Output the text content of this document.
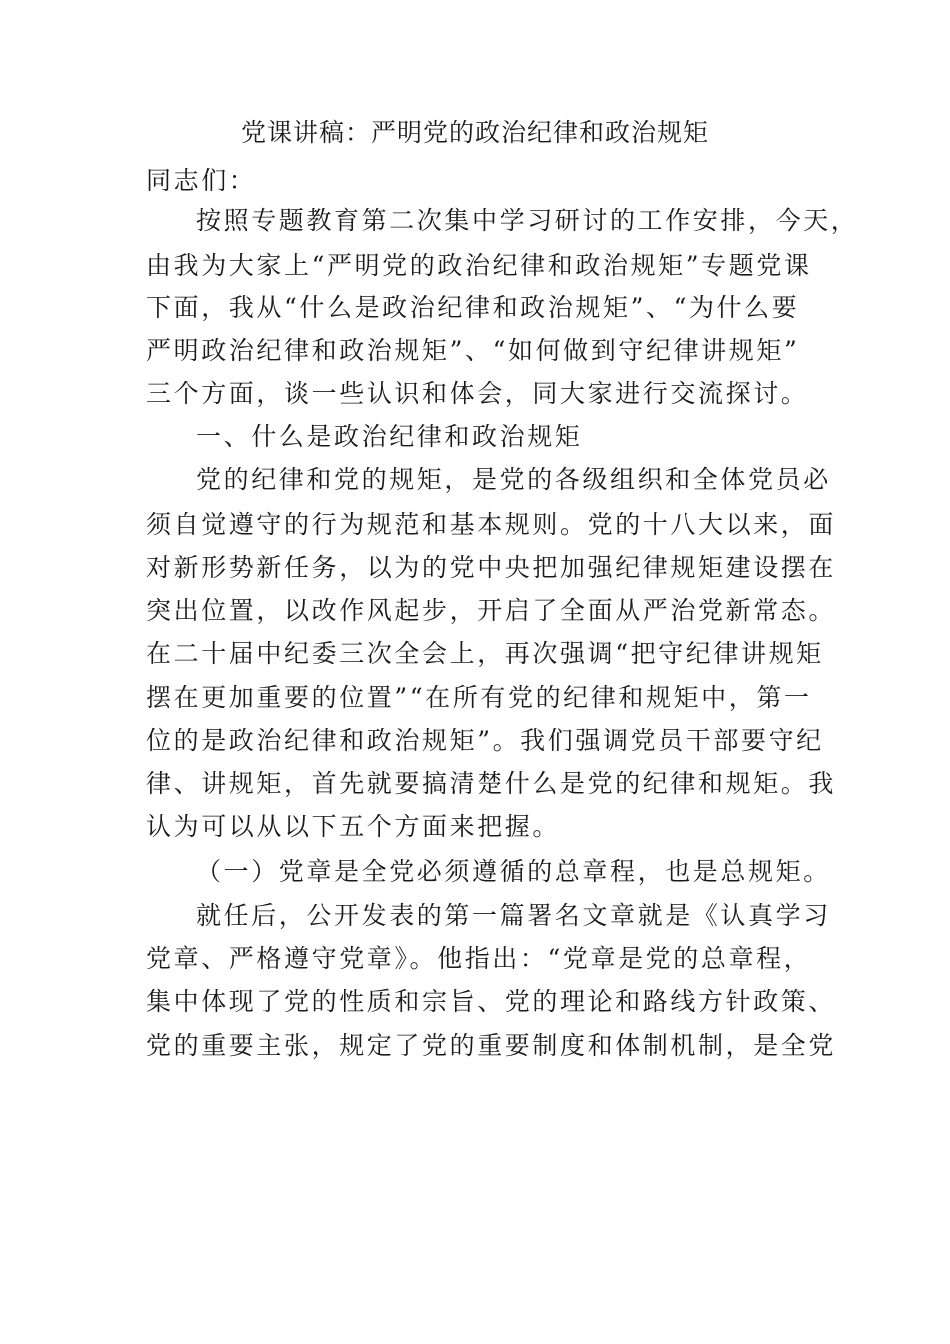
党课讲稿：严明党的政治纪律和政治规矩
同志们：
按照专题教育第二次集中学习研讨的工作安排，今天，
由我为大家上“严明党的政治纪律和政治规矩”专题党课
下面，我从“什么是政治纪律和政治规矩”、“为什么要
严明政治纪律和政治规矩”、“如何做到守纪律讲规矩”
三个方面，谈一些认识和体会，同大家进行交流探讨。
一、什么是政治纪律和政治规矩
党的纪律和党的规矩，是党的各级组织和全体党员必
须自觉遵守的行为规范和基本规则。党的十八大以来，面
对新形势新任务，以为的党中央把加强纪律规矩建设摆在
突出位置，以改作风起步，开启了全面从严治党新常态。
在二十届中纪委三次全会上，再次强调“把守纪律讲规矩
摆在更加重要的位置”“在所有党的纪律和规矩中，第一
位的是政治纪律和政治规矩”。我们强调党员干部要守纪
律、讲规矩，首先就要搞清楚什么是党的纪律和规矩。我
认为可以从以下五个方面来把握。
（一）党章是全党必须遵循的总章程，也是总规矩。
就任后，公开发表的第一篇署名文章就是《认真学习
党章、严格遵守党章》。他指出：“党章是党的总章程，
集中体现了党的性质和宗旨、党的理论和路线方针政策、
党的重要主张，规定了党的重要制度和体制机制，是全党
